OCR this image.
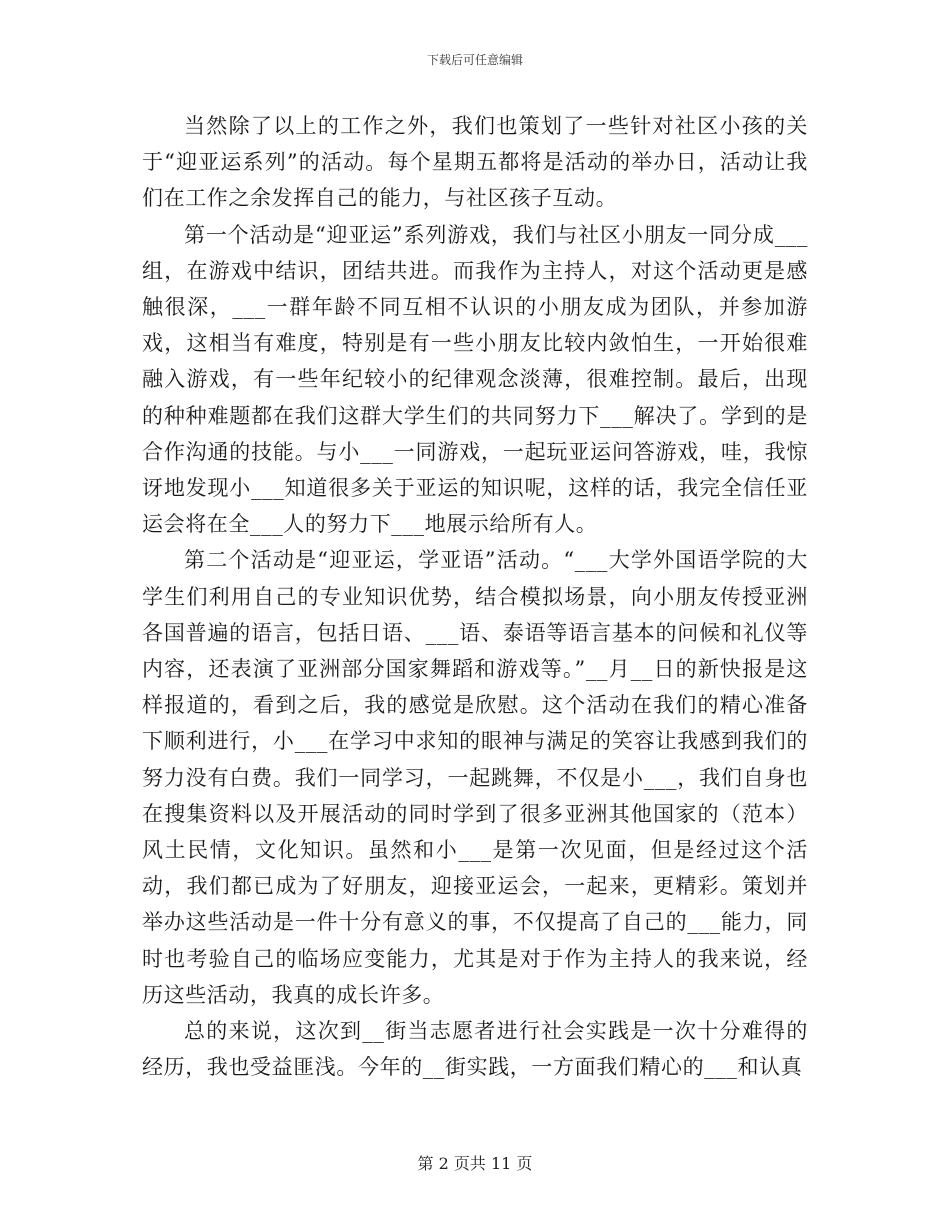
下载后可任意编辑

当然除了以上的工作之外，我们也策划了一些针对社区小孩的关于“迎亚运系列”的活动。每个星期五都将是活动的举办日，活动让我们在工作之余发挥自己的能力，与社区孩子互动。

第一个活动是“迎亚运”系列游戏，我们与社区小朋友一同分成___组，在游戏中结识，团结共进。而我作为主持人，对这个活动更是感触很深，___一群年龄不同互相不认识的小朋友成为团队，并参加游戏，这相当有难度，特别是有一些小朋友比较内敛怕生，一开始很难融入游戏，有一些年纪较小的纪律观念淡薄，很难控制。最后，出现的种种难题都在我们这群大学生们的共同努力下___解决了。学到的是合作沟通的技能。与小___一同游戏，一起玩亚运问答游戏，哇，我惊讶地发现小___知道很多关于亚运的知识呢，这样的话，我完全信任亚运会将在全___人的努力下___地展示给所有人。

第二个活动是“迎亚运，学亚语”活动。“___大学外国语学院的大学生们利用自己的专业知识优势，结合模拟场景，向小朋友传授亚洲各国普遍的语言，包括日语、___语、泰语等语言基本的问候和礼仪等内容，还表演了亚洲部分国家舞蹈和游戏等。”__月__日的新快报是这样报道的，看到之后，我的感觉是欣慰。这个活动在我们的精心准备下顺利进行，小___在学习中求知的眼神与满足的笑容让我感到我们的努力没有白费。我们一同学习，一起跳舞，不仅是小___，我们自身也在搜集资料以及开展活动的同时学到了很多亚洲其他国家的（范本）风土民情，文化知识。虽然和小___是第一次见面，但是经过这个活动，我们都已成为了好朋友，迎接亚运会，一起来，更精彩。策划并举办这些活动是一件十分有意义的事，不仅提高了自己的___能力，同时也考验自己的临场应变能力，尤其是对于作为主持人的我来说，经历这些活动，我真的成长许多。

总的来说，这次到__街当志愿者进行社会实践是一次十分难得的经历，我也受益匪浅。今年的__街实践，一方面我们精心的___和认真

第 2 页共 11 页
